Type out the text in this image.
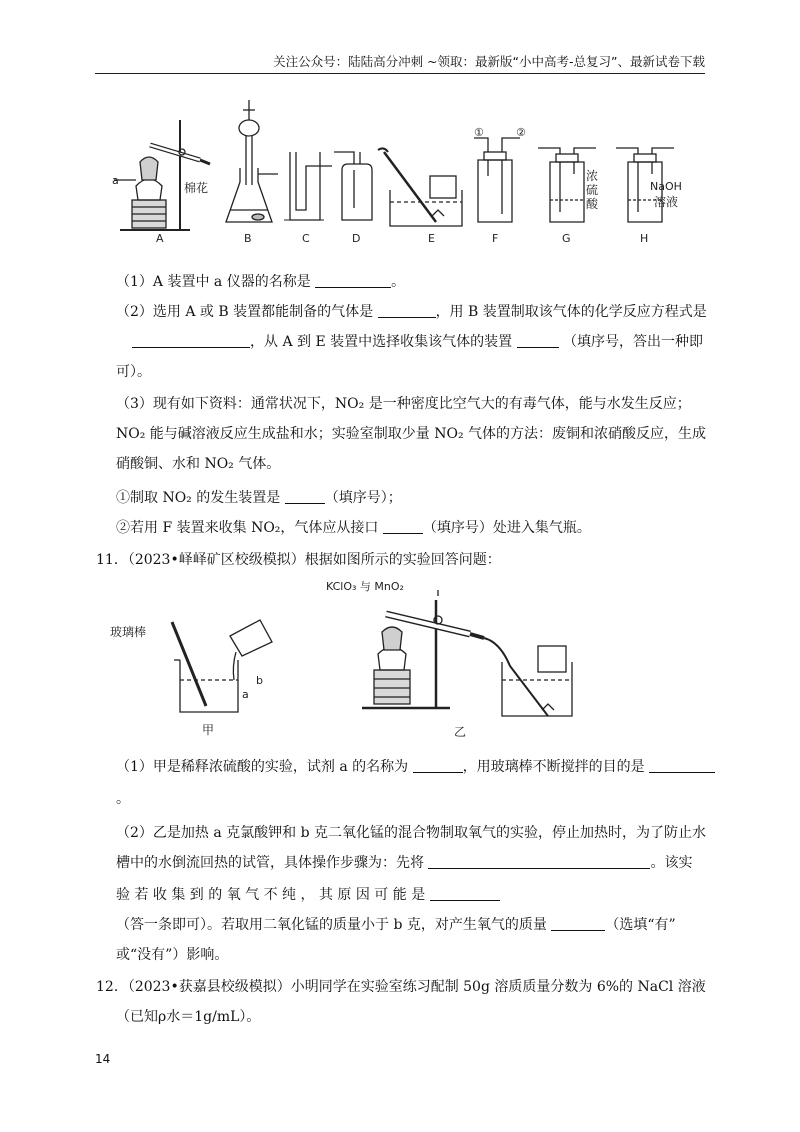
关注公众号：陆陆高分冲刺 ~领取：最新版“小中高考-总复习”、最新试卷下载
a
棉花
①	②
浓
硫
酸
NaOH
溶液
A	B	C	D	E	F	G	H
（1）A 装置中 a 仪器的名称是	。
（2）选用 A 或 B 装置都能制备的气体是	，用 B 装置制取该气体的化学反应方程式是
，从 A 到 E 装置中选择收集该气体的装置	（填序号，答出一种即
可）。
（3）现有如下资料：通常状况下，NO₂ 是一种密度比空气大的有毒气体，能与水发生反应；
NO₂ 能与碱溶液反应生成盐和水；实验室制取少量 NO₂ 气体的方法：废铜和浓硝酸反应，生成
硝酸铜、水和 NO₂ 气体。
①制取 NO₂ 的发生装置是	（填序号）；
②若用 F 装置来收集 NO₂，气体应从接口	（填序号）处进入集气瓶。
11．（2023•峄峄矿区校级模拟）根据如图所示的实验回答问题：
玻璃棒
b
a
甲	乙
KClO₃ 与 MnO₂
（1）甲是稀释浓硫酸的实验，试剂 a 的名称为	，用玻璃棒不断搅拌的目的是
。
（2）乙是加热 a 克氯酸钾和 b 克二氧化锰的混合物制取氧气的实验，停止加热时，为了防止水
槽中的水倒流回热的试管，具体操作步骤为：先将	。该实
验 若 收 集 到 的 氧 气 不 纯 ， 其 原 因 可 能 是
（答一条即可）。若取用二氧化锰的质量小于 b 克，对产生氧气的质量	（选填“有”
或“没有”）影响。
12．（2023•获嘉县校级模拟）小明同学在实验室练习配制 50g 溶质质量分数为 6%的 NaCl 溶液
（已知ρ水＝1g/mL）。
14
